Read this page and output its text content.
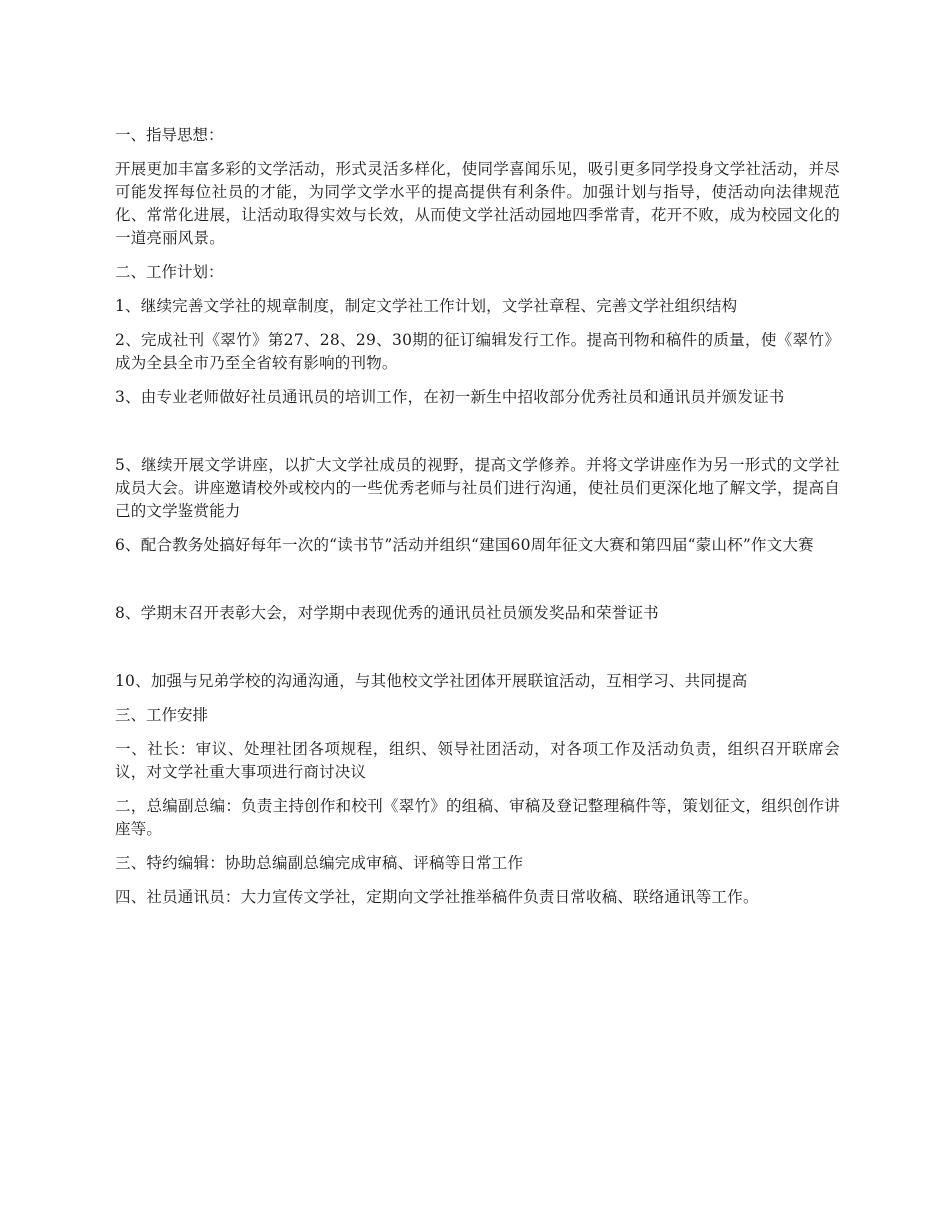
一、指导思想：

开展更加丰富多彩的文学活动，形式灵活多样化，使同学喜闻乐见，吸引更多同学投身文学社活动，并尽可能发挥每位社员的才能，为同学文学水平的提高提供有利条件。加强计划与指导，使活动向法律规范化、常常化进展，让活动取得实效与长效，从而使文学社活动园地四季常青，花开不败，成为校园文化的一道亮丽风景。

二、工作计划：

1、继续完善文学社的规章制度，制定文学社工作计划，文学社章程、完善文学社组织结构

2、完成社刊《翠竹》第27、28、29、30期的征订编辑发行工作。提高刊物和稿件的质量，使《翠竹》成为全县全市乃至全省较有影响的刊物。

3、由专业老师做好社员通讯员的培训工作，在初一新生中招收部分优秀社员和通讯员并颁发证书

5、继续开展文学讲座，以扩大文学社成员的视野，提高文学修养。并将文学讲座作为另一形式的文学社成员大会。讲座邀请校外或校内的一些优秀老师与社员们进行沟通，使社员们更深化地了解文学，提高自己的文学鉴赏能力

6、配合教务处搞好每年一次的“读书节”活动并组织“建国60周年征文大赛和第四届“蒙山杯”作文大赛

8、学期末召开表彰大会，对学期中表现优秀的通讯员社员颁发奖品和荣誉证书

10、加强与兄弟学校的沟通沟通，与其他校文学社团体开展联谊活动，互相学习、共同提高

三、工作安排

一、社长：审议、处理社团各项规程，组织、领导社团活动，对各项工作及活动负责，组织召开联席会议，对文学社重大事项进行商讨决议

二，总编副总编：负责主持创作和校刊《翠竹》的组稿、审稿及登记整理稿件等，策划征文，组织创作讲座等。

三、特约编辑：协助总编副总编完成审稿、评稿等日常工作

四、社员通讯员：大力宣传文学社，定期向文学社推举稿件负责日常收稿、联络通讯等工作。
